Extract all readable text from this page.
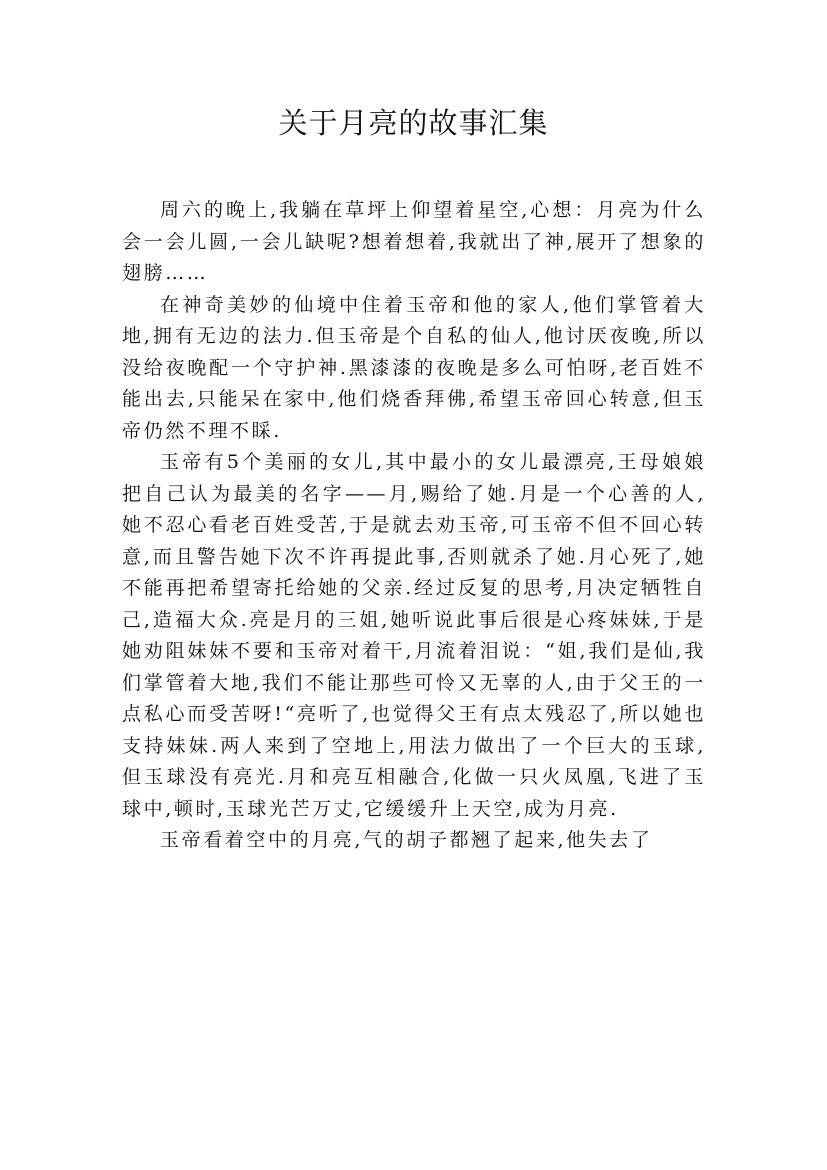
关于月亮的故事汇集

周六的晚上,我躺在草坪上仰望着星空,心想：月亮为什么会一会儿圆,一会儿缺呢?想着想着,我就出了神,展开了想象的翅膀……

在神奇美妙的仙境中住着玉帝和他的家人,他们掌管着大地,拥有无边的法力.但玉帝是个自私的仙人,他讨厌夜晚,所以没给夜晚配一个守护神.黑漆漆的夜晚是多么可怕呀,老百姓不能出去,只能呆在家中,他们烧香拜佛,希望玉帝回心转意,但玉帝仍然不理不睬.

玉帝有5个美丽的女儿,其中最小的女儿最漂亮,王母娘娘把自己认为最美的名字——月,赐给了她.月是一个心善的人,她不忍心看老百姓受苦,于是就去劝玉帝,可玉帝不但不回心转意,而且警告她下次不许再提此事,否则就杀了她.月心死了,她不能再把希望寄托给她的父亲.经过反复的思考,月决定牺牲自己,造福大众.亮是月的三姐,她听说此事后很是心疼妹妹,于是她劝阻妹妹不要和玉帝对着干,月流着泪说：“姐,我们是仙,我们掌管着大地,我们不能让那些可怜又无辜的人,由于父王的一点私心而受苦呀!“亮听了,也觉得父王有点太残忍了,所以她也支持妹妹.两人来到了空地上,用法力做出了一个巨大的玉球,但玉球没有亮光.月和亮互相融合,化做一只火凤凰,飞进了玉球中,顿时,玉球光芒万丈,它缓缓升上天空,成为月亮.

玉帝看着空中的月亮,气的胡子都翘了起来,他失去了
